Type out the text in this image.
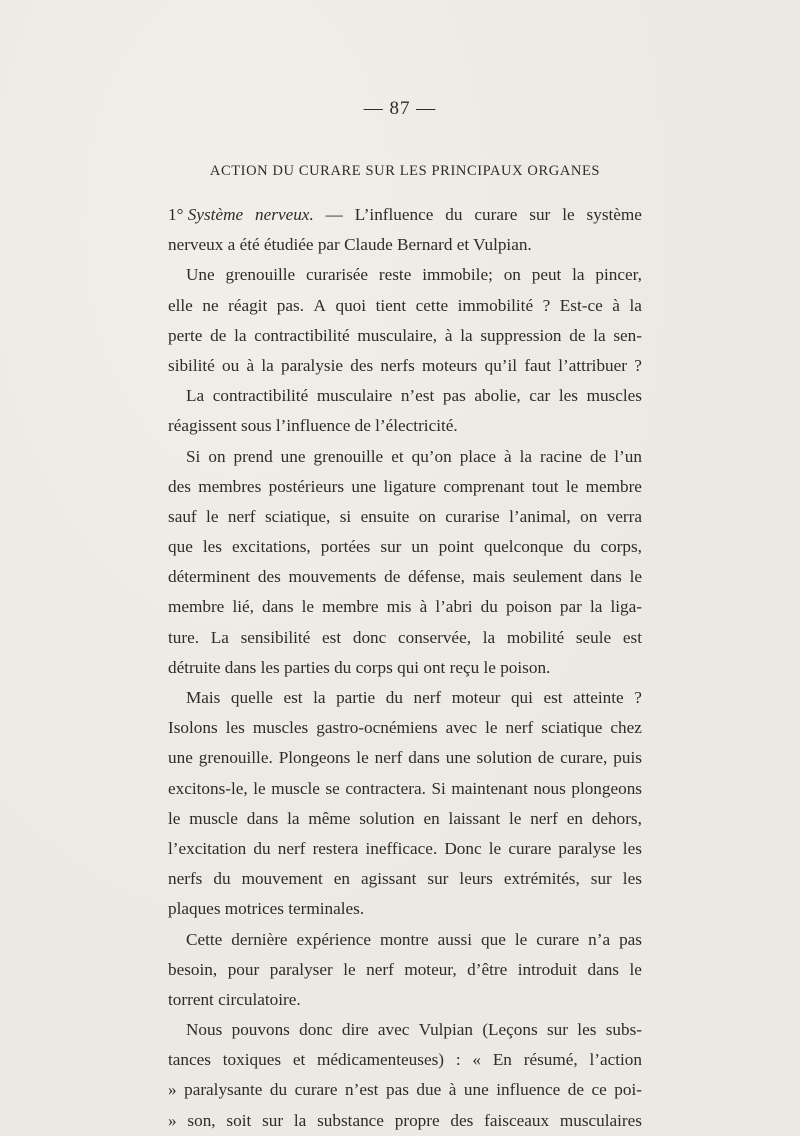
— 87 —
ACTION DU CURARE SUR LES PRINCIPAUX ORGANES
1° Système nerveux. — L’influence du curare sur le système
nerveux a été étudiée par Claude Bernard et Vulpian.
Une grenouille curarisée reste immobile; on peut la pincer,
elle ne réagit pas. A quoi tient cette immobilité ? Est-ce à la
perte de la contractibilité musculaire, à la suppression de la sen-
sibilité ou à la paralysie des nerfs moteurs qu’il faut l’attribuer ?
La contractibilité musculaire n’est pas abolie, car les muscles
réagissent sous l’influence de l’électricité.
Si on prend une grenouille et qu’on place à la racine de l’un
des membres postérieurs une ligature comprenant tout le membre
sauf le nerf sciatique, si ensuite on curarise l’animal, on verra
que les excitations, portées sur un point quelconque du corps,
déterminent des mouvements de défense, mais seulement dans le
membre lié, dans le membre mis à l’abri du poison par la liga-
ture. La sensibilité est donc conservée, la mobilité seule est
détruite dans les parties du corps qui ont reçu le poison.
Mais quelle est la partie du nerf moteur qui est atteinte ?
Isolons les muscles gastro-ocnémiens avec le nerf sciatique chez
une grenouille. Plongeons le nerf dans une solution de curare, puis
excitons-le, le muscle se contractera. Si maintenant nous plongeons
le muscle dans la même solution en laissant le nerf en dehors,
l’excitation du nerf restera inefficace. Donc le curare paralyse les
nerfs du mouvement en agissant sur leurs extrémités, sur les
plaques motrices terminales.
Cette dernière expérience montre aussi que le curare n’a pas
besoin, pour paralyser le nerf moteur, d’être introduit dans le
torrent circulatoire.
Nous pouvons donc dire avec Vulpian (Leçons sur les subs-
tances toxiques et médicamenteuses) : « En résumé, l’action
» paralysante du curare n’est pas due à une influence de ce poi-
» son, soit sur la substance propre des faisceaux musculaires
